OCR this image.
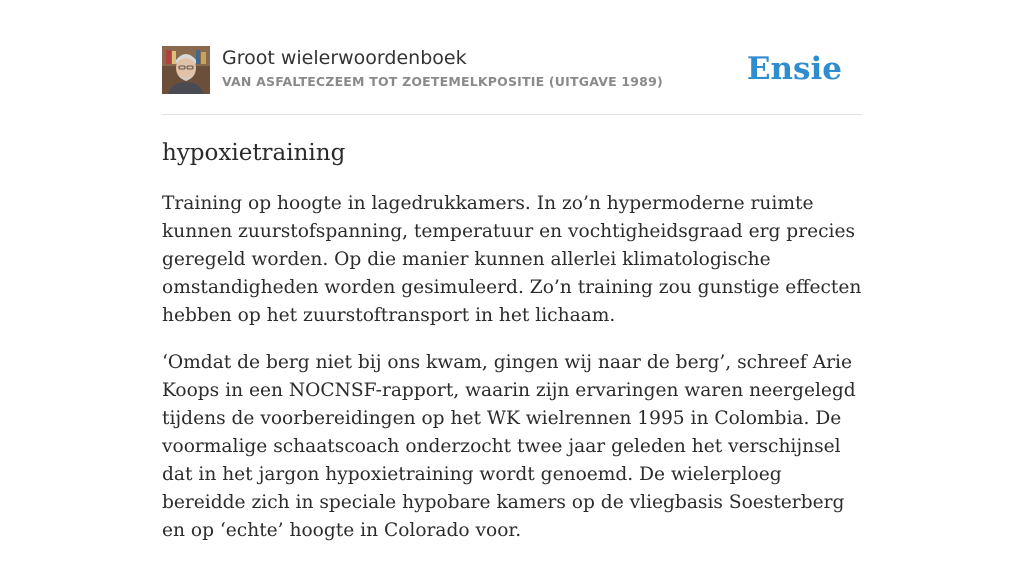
Groot wielerwoordenboek
VAN ASFALTECZEEM TOT ZOETEMELKPOSITIE (UITGAVE 1989)	Ensie
hypoxietraining

Training op hoogte in lagedrukkamers. In zo’n hypermoderne ruimte kunnen zuurstofspanning, temperatuur en vochtigheidsgraad erg precies geregeld worden. Op die manier kunnen allerlei klimatologische omstandigheden worden gesimuleerd. Zo’n training zou gunstige effecten hebben op het zuurstoftransport in het lichaam.

‘Omdat de berg niet bij ons kwam, gingen wij naar de berg’, schreef Arie Koops in een NOCNSF-rapport, waarin zijn ervaringen waren neergelegd tijdens de voorbereidingen op het WK wielrennen 1995 in Colombia. De voormalige schaatscoach onderzocht twee jaar geleden het verschijnsel dat in het jargon hypoxietraining wordt genoemd. De wielerploeg bereidde zich in speciale hypobare kamers op de vliegbasis Soesterberg en op ‘echte’ hoogte in Colorado voor.
